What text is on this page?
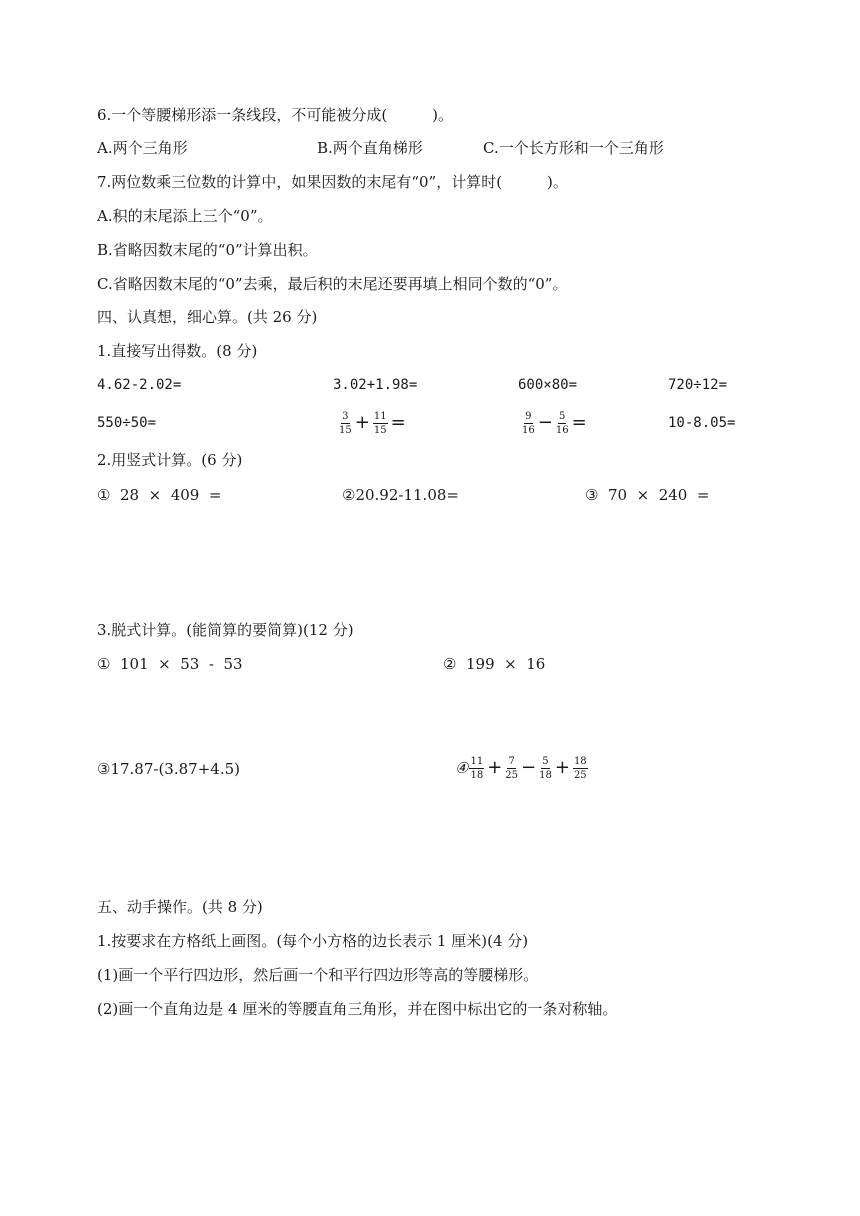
6.一个等腰梯形添一条线段，不可能被分成(　　　)。
A.两个三角形	B.两个直角梯形	C.一个长方形和一个三角形
7.两位数乘三位数的计算中，如果因数的末尾有“0”，计算时(　　　)。
A.积的末尾添上三个“0”。
B.省略因数末尾的“0”计算出积。
C.省略因数末尾的“0”去乘，最后积的末尾还要再填上相同个数的“0”。
四、认真想，细心算。(共 26 分)
1.直接写出得数。(8 分)
4.62-2.02=	3.02+1.98=	600×80=	720÷12=
550÷50=	$\frac{3}{15} + \frac{11}{15}$ =	$\frac{9}{16} - \frac{5}{16}$ =	10-8.05=
2.用竖式计算。(6 分)
①  28  ×  409  =	②20.92-11.08=	③  70  ×  240  =
3.脱式计算。(能简算的要简算)(12 分)
①  101  ×  53  -  53	②  199  ×  16
③17.87-(3.87+4.5)	④ $\frac{11}{18} + \frac{7}{25} - \frac{5}{18} + \frac{18}{25}$
五、动手操作。(共 8 分)
1.按要求在方格纸上画图。(每个小方格的边长表示 1 厘米)(4 分)
(1)画一个平行四边形，然后画一个和平行四边形等高的等腰梯形。
(2)画一个直角边是 4 厘米的等腰直角三角形，并在图中标出它的一条对称轴。
